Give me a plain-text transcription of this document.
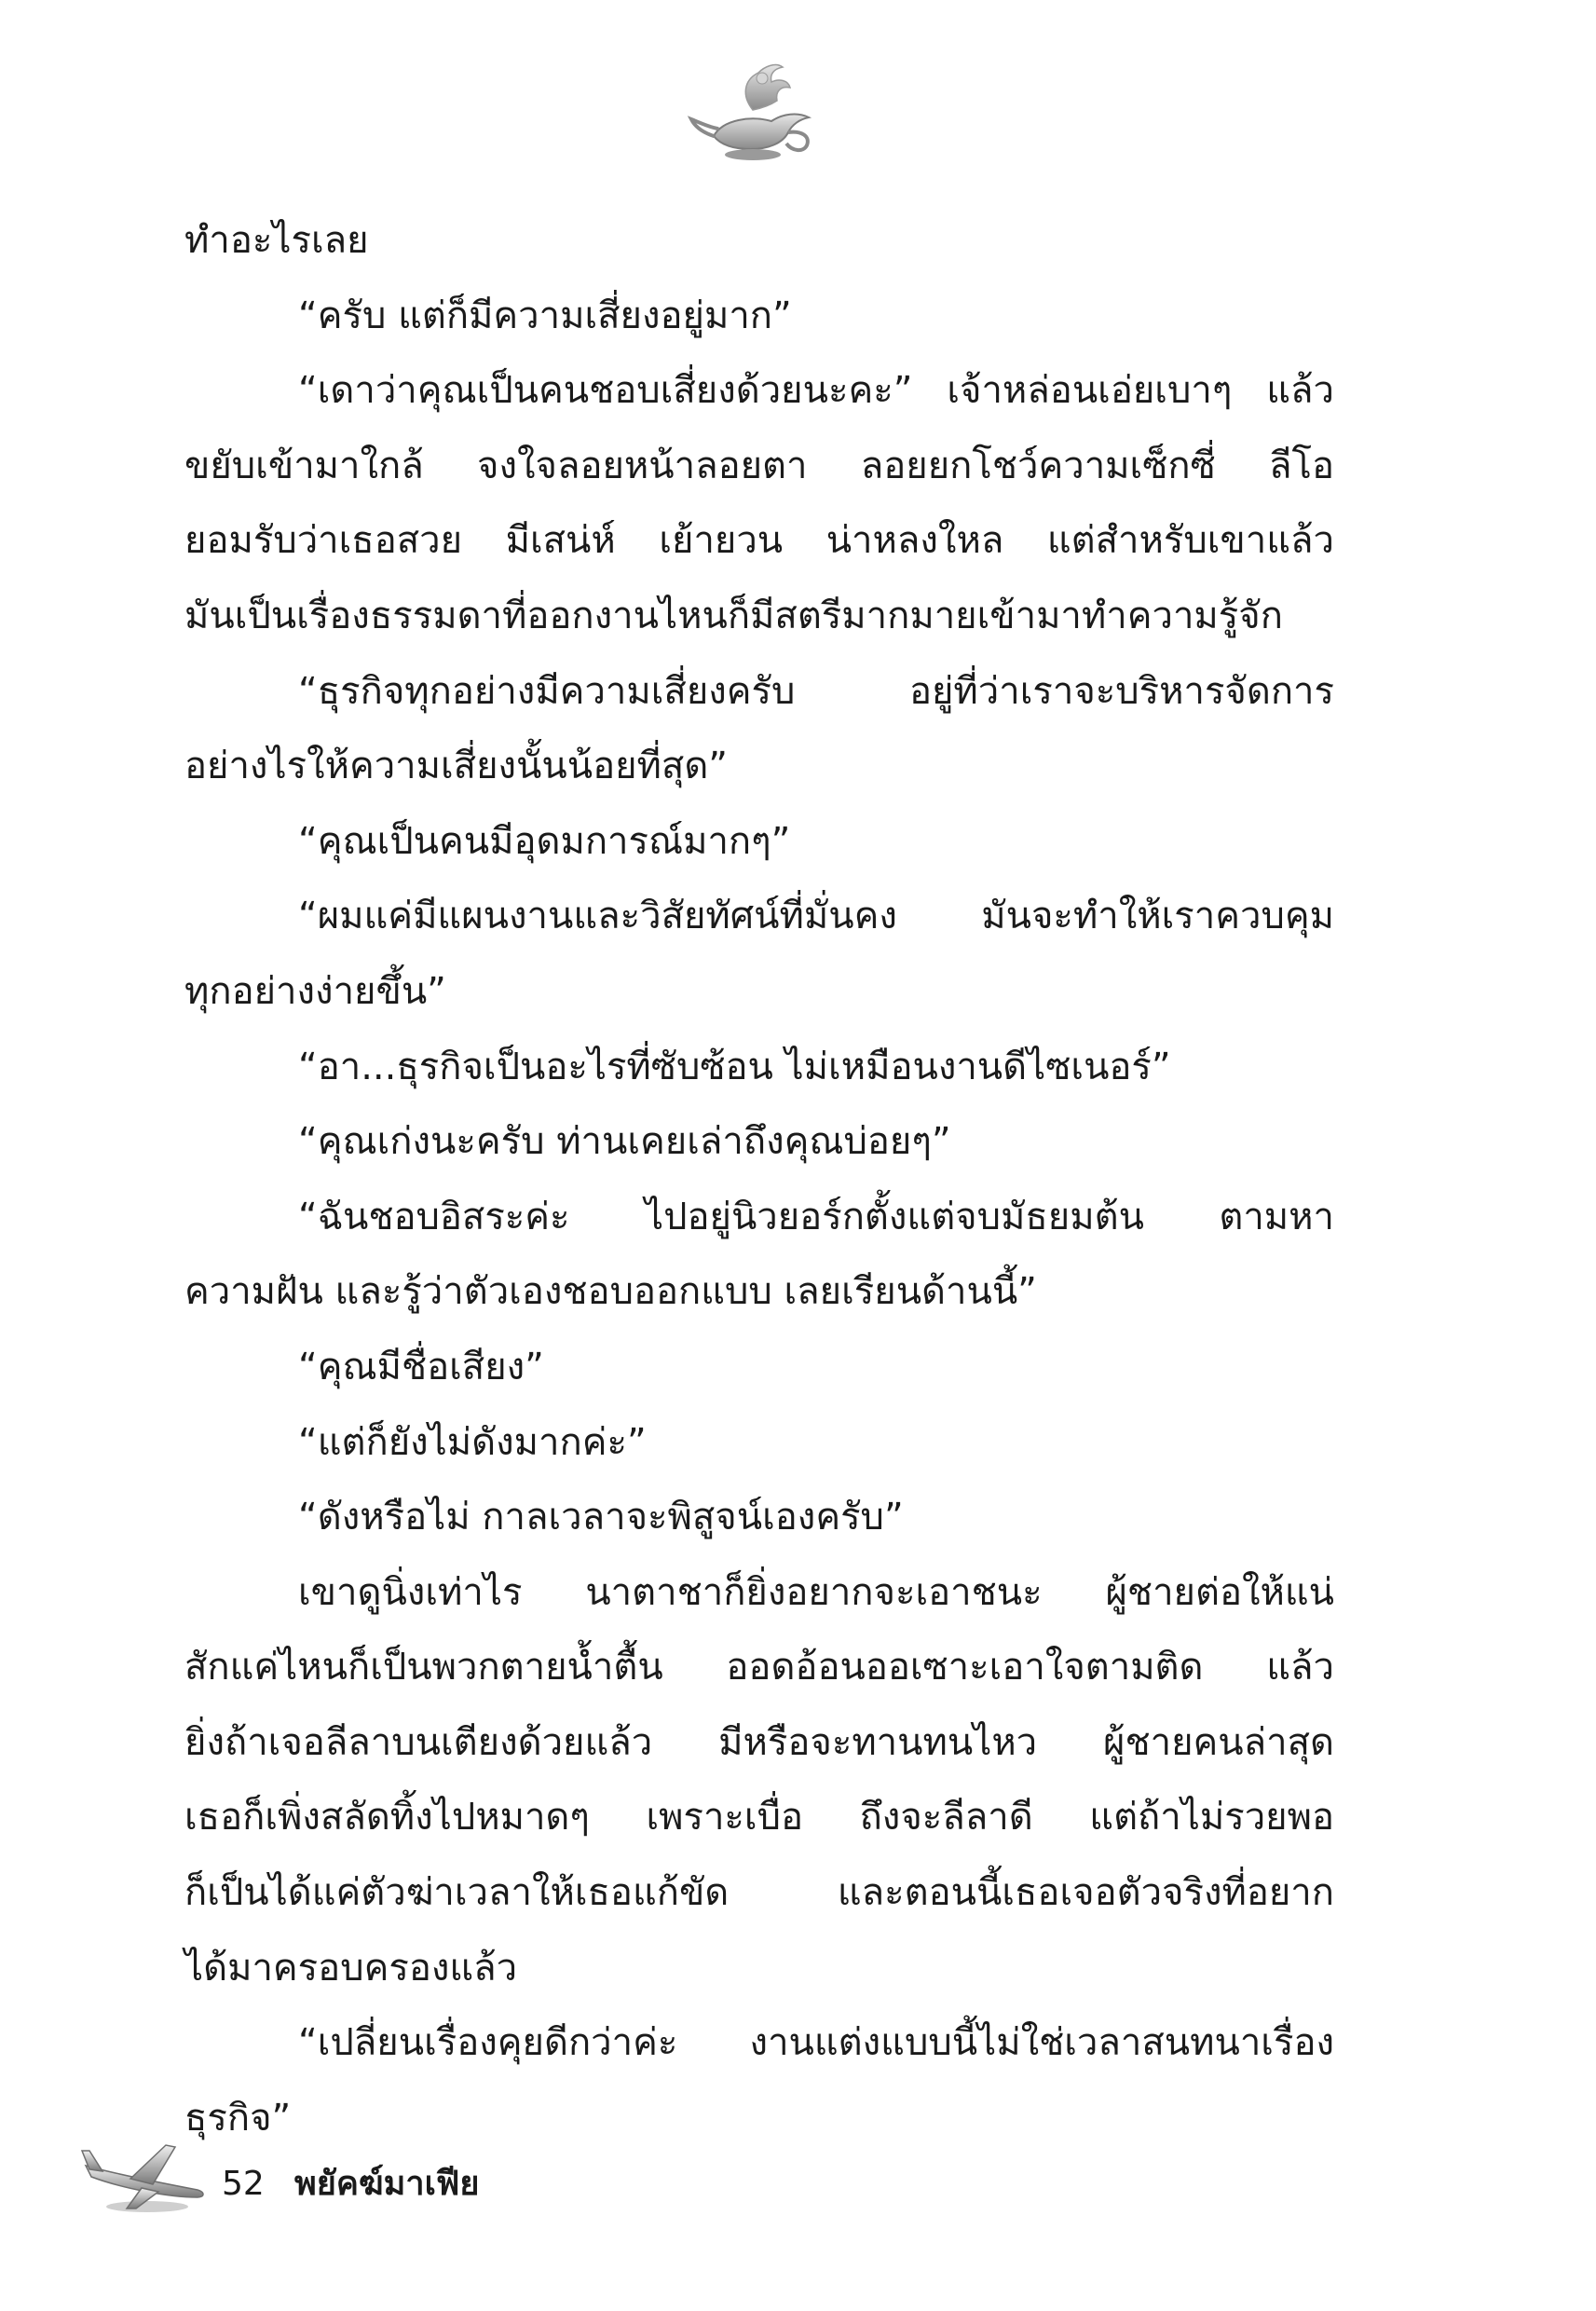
ทำอะไรเลย

“ครับ แต่ก็มีความเสี่ยงอยู่มาก”

“เดาว่าคุณเป็นคนชอบเสี่ยงด้วยนะคะ” เจ้าหล่อนเอ่ยเบาๆ แล้ว
ขยับเข้ามาใกล้ จงใจลอยหน้าลอยตา ลอยยกโชว์ความเซ็กซี่ ลีโอ
ยอมรับว่าเธอสวย มีเสน่ห์ เย้ายวน น่าหลงใหล แต่สำหรับเขาแล้ว
มันเป็นเรื่องธรรมดาที่ออกงานไหนก็มีสตรีมากมายเข้ามาทำความรู้จัก

“ธุรกิจทุกอย่างมีความเสี่ยงครับ อยู่ที่ว่าเราจะบริหารจัดการ
อย่างไรให้ความเสี่ยงนั้นน้อยที่สุด”

“คุณเป็นคนมีอุดมการณ์มากๆ”

“ผมแค่มีแผนงานและวิสัยทัศน์ที่มั่นคง มันจะทำให้เราควบคุม
ทุกอย่างง่ายขึ้น”

“อา...ธุรกิจเป็นอะไรที่ซับซ้อน ไม่เหมือนงานดีไซเนอร์”

“คุณเก่งนะครับ ท่านเคยเล่าถึงคุณบ่อยๆ”

“ฉันชอบอิสระค่ะ ไปอยู่นิวยอร์กตั้งแต่จบมัธยมต้น ตามหา
ความฝัน และรู้ว่าตัวเองชอบออกแบบ เลยเรียนด้านนี้”

“คุณมีชื่อเสียง”

“แต่ก็ยังไม่ดังมากค่ะ”

“ดังหรือไม่ กาลเวลาจะพิสูจน์เองครับ”

เขาดูนิ่งเท่าไร นาตาชาก็ยิ่งอยากจะเอาชนะ ผู้ชายต่อให้แน่
สักแค่ไหนก็เป็นพวกตายน้ำตื้น ออดอ้อนออเซาะเอาใจตามติด แล้ว
ยิ่งถ้าเจอลีลาบนเตียงด้วยแล้ว มีหรือจะทานทนไหว ผู้ชายคนล่าสุด
เธอก็เพิ่งสลัดทิ้งไปหมาดๆ เพราะเบื่อ ถึงจะลีลาดี แต่ถ้าไม่รวยพอ
ก็เป็นได้แค่ตัวฆ่าเวลาให้เธอแก้ขัด และตอนนี้เธอเจอตัวจริงที่อยาก
ได้มาครอบครองแล้ว

“เปลี่ยนเรื่องคุยดีกว่าค่ะ งานแต่งแบบนี้ไม่ใช่เวลาสนทนาเรื่อง
ธุรกิจ”

52 พยัคฆ์มาเฟีย
